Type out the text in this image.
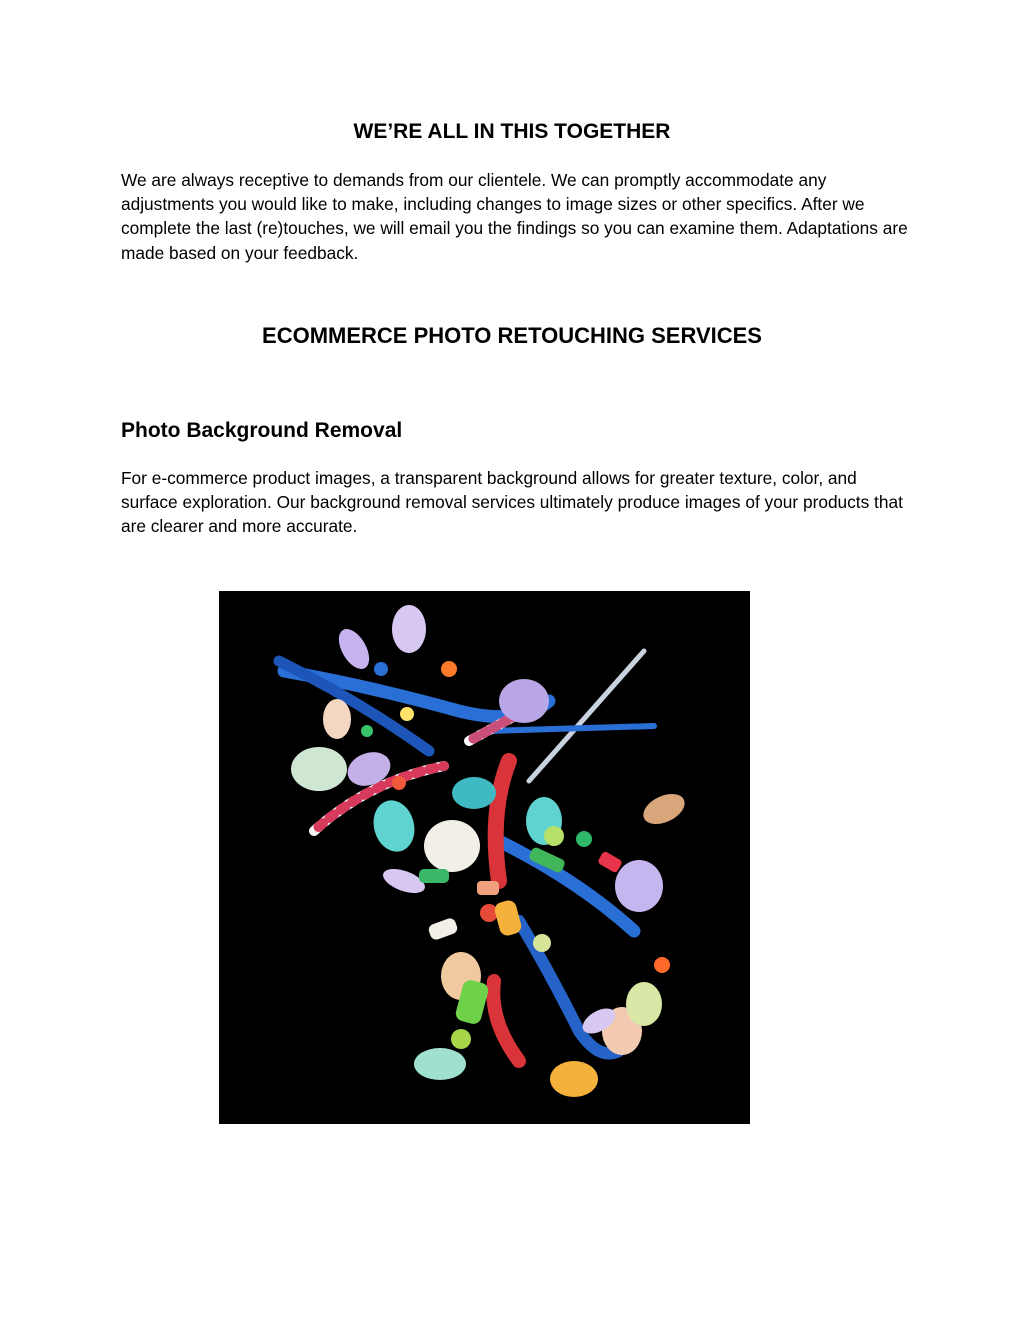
WE’RE ALL IN THIS TOGETHER

We are always receptive to demands from our clientele. We can promptly accommodate any adjustments you would like to make, including changes to image sizes or other specifics. After we complete the last (re)touches, we will email you the findings so you can examine them. Adaptations are made based on your feedback.

ECOMMERCE PHOTO RETOUCHING SERVICES
Photo Background Removal

For e-commerce product images, a transparent background allows for greater texture, color, and surface exploration. Our background removal services ultimately produce images of your products that are clearer and more accurate.
